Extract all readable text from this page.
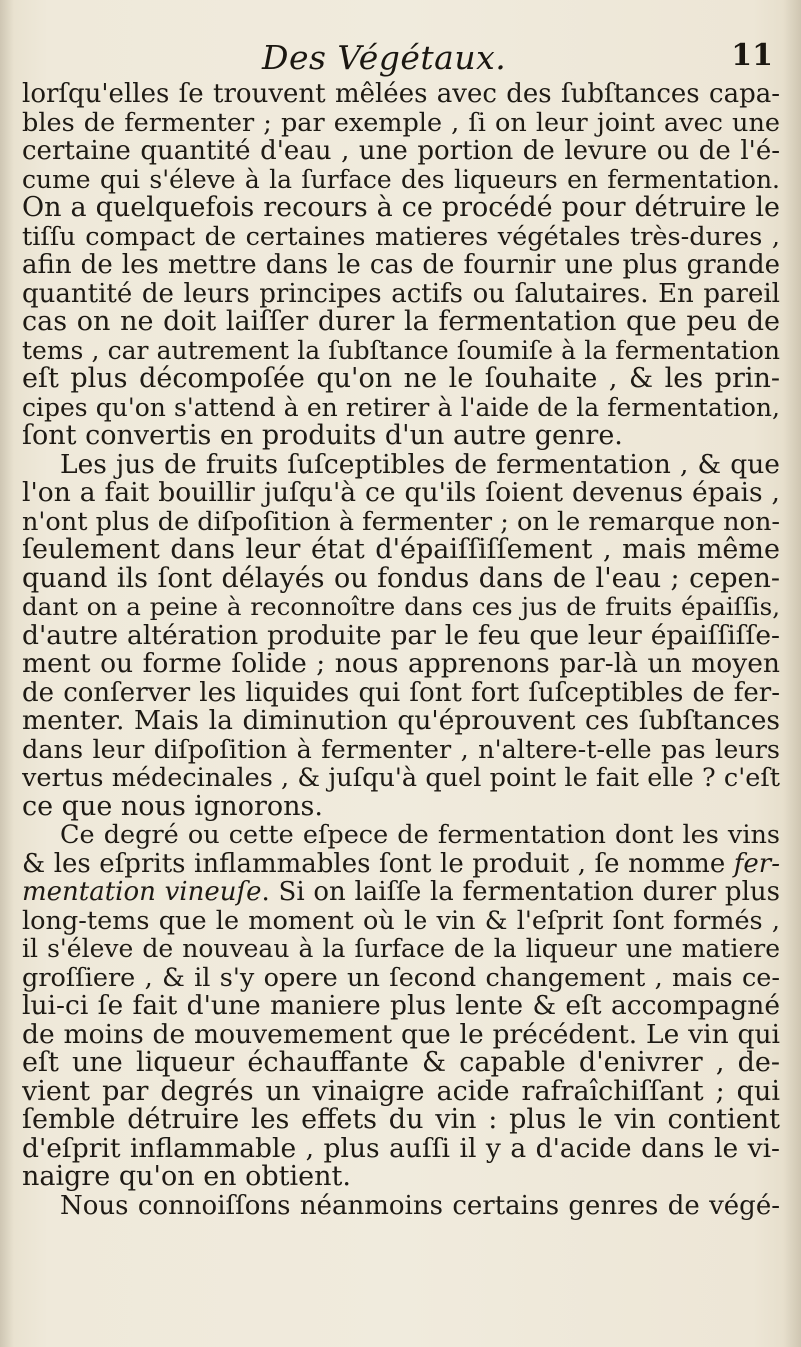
Des Végétaux.	11
lorſqu'elles ſe trouvent mêlées avec des ſubſtances capa-
bles de fermenter ; par exemple , ſi on leur joint avec une
certaine quantité d'eau , une portion de levure ou de l'é-
cume qui s'éleve à la ſurface des liqueurs en fermentation.
On a quelquefois recours à ce procédé pour détruire le
tiſſu compact de certaines matieres végétales très-dures ,
afin de les mettre dans le cas de fournir une plus grande
quantité de leurs principes actifs ou ſalutaires. En pareil
cas on ne doit laiſſer durer la fermentation que peu de
tems , car autrement la ſubſtance ſoumiſe à la fermentation
eſt plus décompoſée qu'on ne le ſouhaite , & les prin-
cipes qu'on s'attend à en retirer à l'aide de la fermentation,
ſont convertis en produits d'un autre genre.
Les jus de fruits ſuſceptibles de fermentation , & que
l'on a fait bouillir juſqu'à ce qu'ils ſoient devenus épais ,
n'ont plus de diſpoſition à fermenter ; on le remarque non-
ſeulement dans leur état d'épaiſſiſſement , mais même
quand ils ſont délayés ou fondus dans de l'eau ; cepen-
dant on a peine à reconnoître dans ces jus de fruits épaiſſis,
d'autre altération produite par le feu que leur épaiſſiſſe-
ment ou forme ſolide ; nous apprenons par-là un moyen
de conſerver les liquides qui ſont fort ſuſceptibles de fer-
menter. Mais la diminution qu'éprouvent ces ſubſtances
dans leur diſpoſition à fermenter , n'altere-t-elle pas leurs
vertus médecinales , & juſqu'à quel point le fait elle ? c'eſt
ce que nous ignorons.
Ce degré ou cette eſpece de fermentation dont les vins
& les eſprits inflammables ſont le produit , ſe nomme fer-
mentation vineuſe. Si on laiſſe la fermentation durer plus
long-tems que le moment où le vin & l'eſprit ſont formés ,
il s'éleve de nouveau à la ſurface de la liqueur une matiere
groſſiere , & il s'y opere un ſecond changement , mais ce-
lui-ci ſe fait d'une maniere plus lente & eſt accompagné
de moins de mouvemement que le précédent. Le vin qui
eſt une liqueur échauffante & capable d'enivrer , de-
vient par degrés un vinaigre acide rafraîchiſſant ; qui
ſemble détruire les effets du vin : plus le vin contient
d'eſprit inflammable , plus auſſi il y a d'acide dans le vi-
naigre qu'on en obtient.
Nous connoiſſons néanmoins certains genres de végé-
